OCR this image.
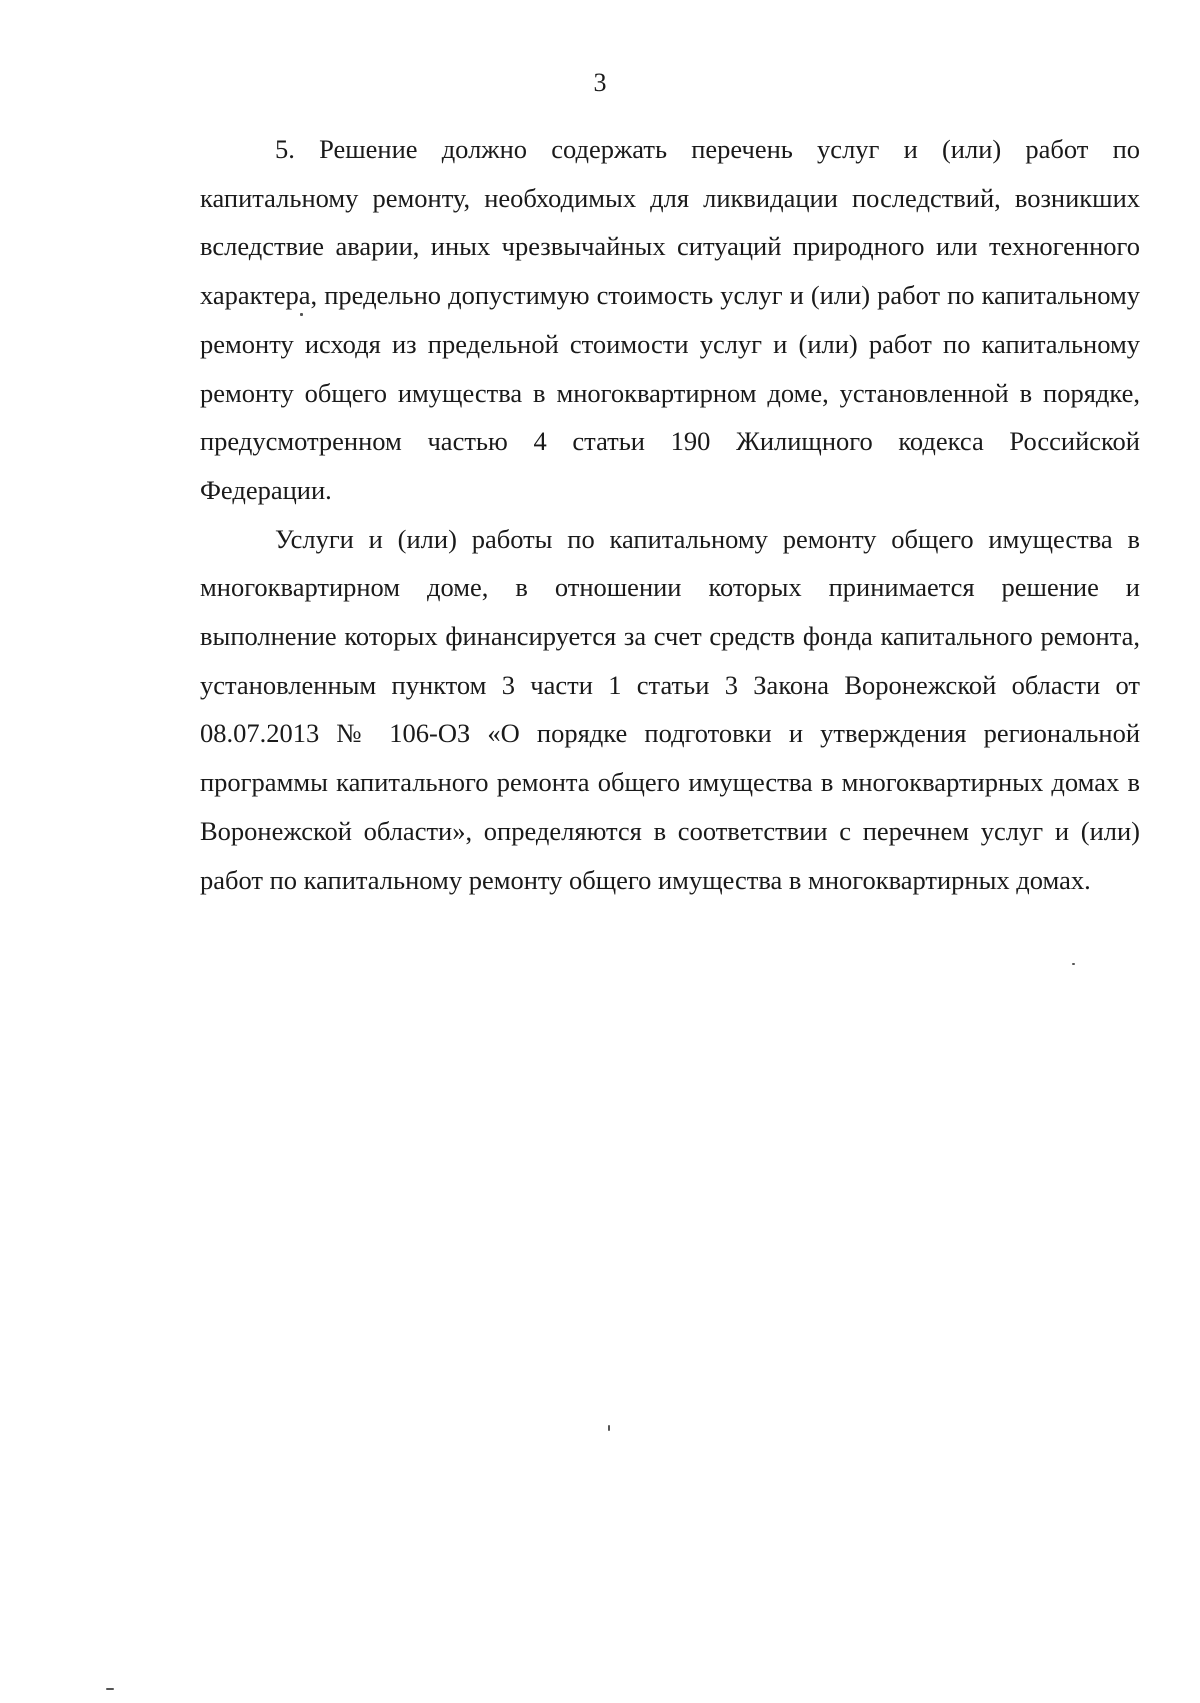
3

5. Решение должно содержать перечень услуг и (или) работ по капитальному ремонту, необходимых для ликвидации последствий, возникших вследствие аварии, иных чрезвычайных ситуаций природного или техногенного характера, предельно допустимую стоимость услуг и (или) работ по капитальному ремонту исходя из предельной стоимости услуг и (или) работ по капитальному ремонту общего имущества в многоквартирном доме, установленной в порядке, предусмотренном частью 4 статьи 190 Жилищного кодекса Российской Федерации.

Услуги и (или) работы по капитальному ремонту общего имущества в многоквартирном доме, в отношении которых принимается решение и выполнение которых финансируется за счет средств фонда капитального ремонта, установленным пунктом 3 части 1 статьи 3 Закона Воронежской области от 08.07.2013 № 106-ОЗ «О порядке подготовки и утверждения региональной программы капитального ремонта общего имущества в многоквартирных домах в Воронежской области», определяются в соответствии с перечнем услуг и (или) работ по капитальному ремонту общего имущества в многоквартирных домах.
